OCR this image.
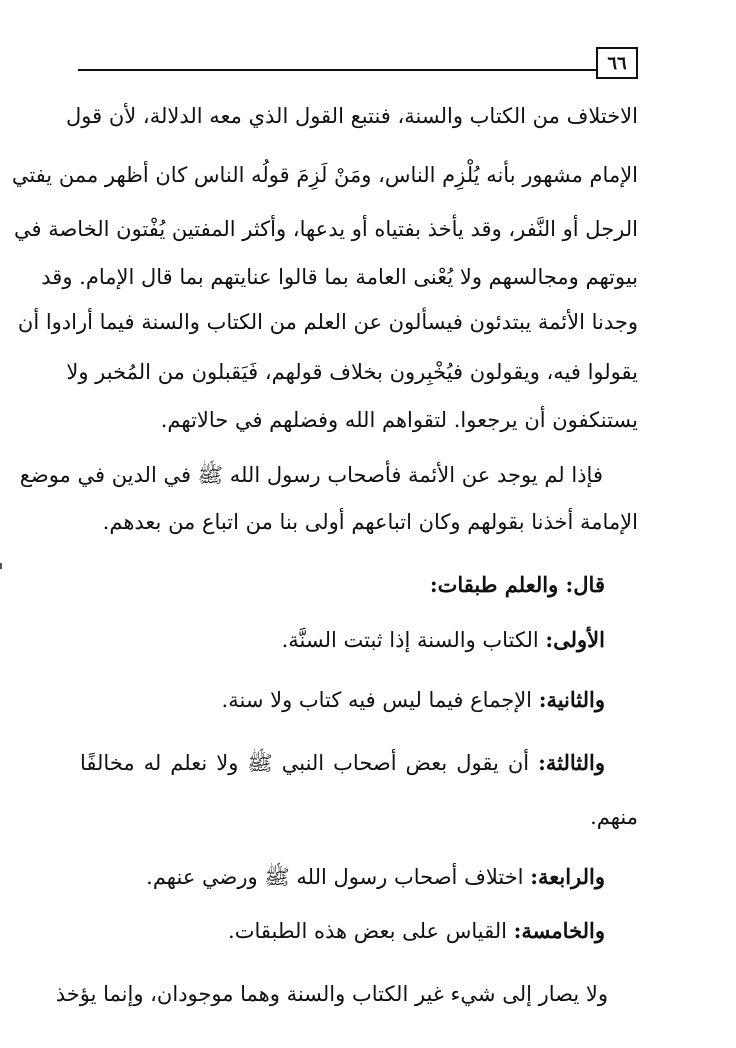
٦٦
الاختلاف من الكتاب والسنة، فنتبع القول الذي معه الدلالة، لأن قول
الإمام مشهور بأنه يُلْزِم الناس، ومَنْ لَزِمَ قولُه الناس كان أظهر ممن يفتي
الرجل أو النَّفر، وقد يأخذ بفتياه أو يدعها، وأكثر المفتين يُفْتون الخاصة في
بيوتهم ومجالسهم ولا يُعْنى العامة بما قالوا عنايتهم بما قال الإمام. وقد
وجدنا الأئمة يبتدئون فيسألون عن العلم من الكتاب والسنة فيما أرادوا أن
يقولوا فيه، ويقولون فيُخْبِرون بخلاف قولهم، فَيَقبلون من المُخبر ولا
يستنكفون أن يرجعوا. لتقواهم الله وفضلهم في حالاتهم.
فإذا لم يوجد عن الأئمة فأصحاب رسول الله ﷺ في الدين في موضع
الإمامة أخذنا بقولهم وكان اتباعهم أولى بنا من اتباع من بعدهم.
قال: والعلم طبقات:
الأولى: الكتاب والسنة إذا ثبتت السنَّة.
والثانية: الإجماع فيما ليس فيه كتاب ولا سنة.
والثالثة: أن يقول بعض أصحاب النبي ﷺ ولا نعلم له مخالفًا
منهم.
والرابعة: اختلاف أصحاب رسول الله ﷺ ورضي عنهم.
والخامسة: القياس على بعض هذه الطبقات.
ولا يصار إلى شيء غير الكتاب والسنة وهما موجودان، وإنما يؤخذ
